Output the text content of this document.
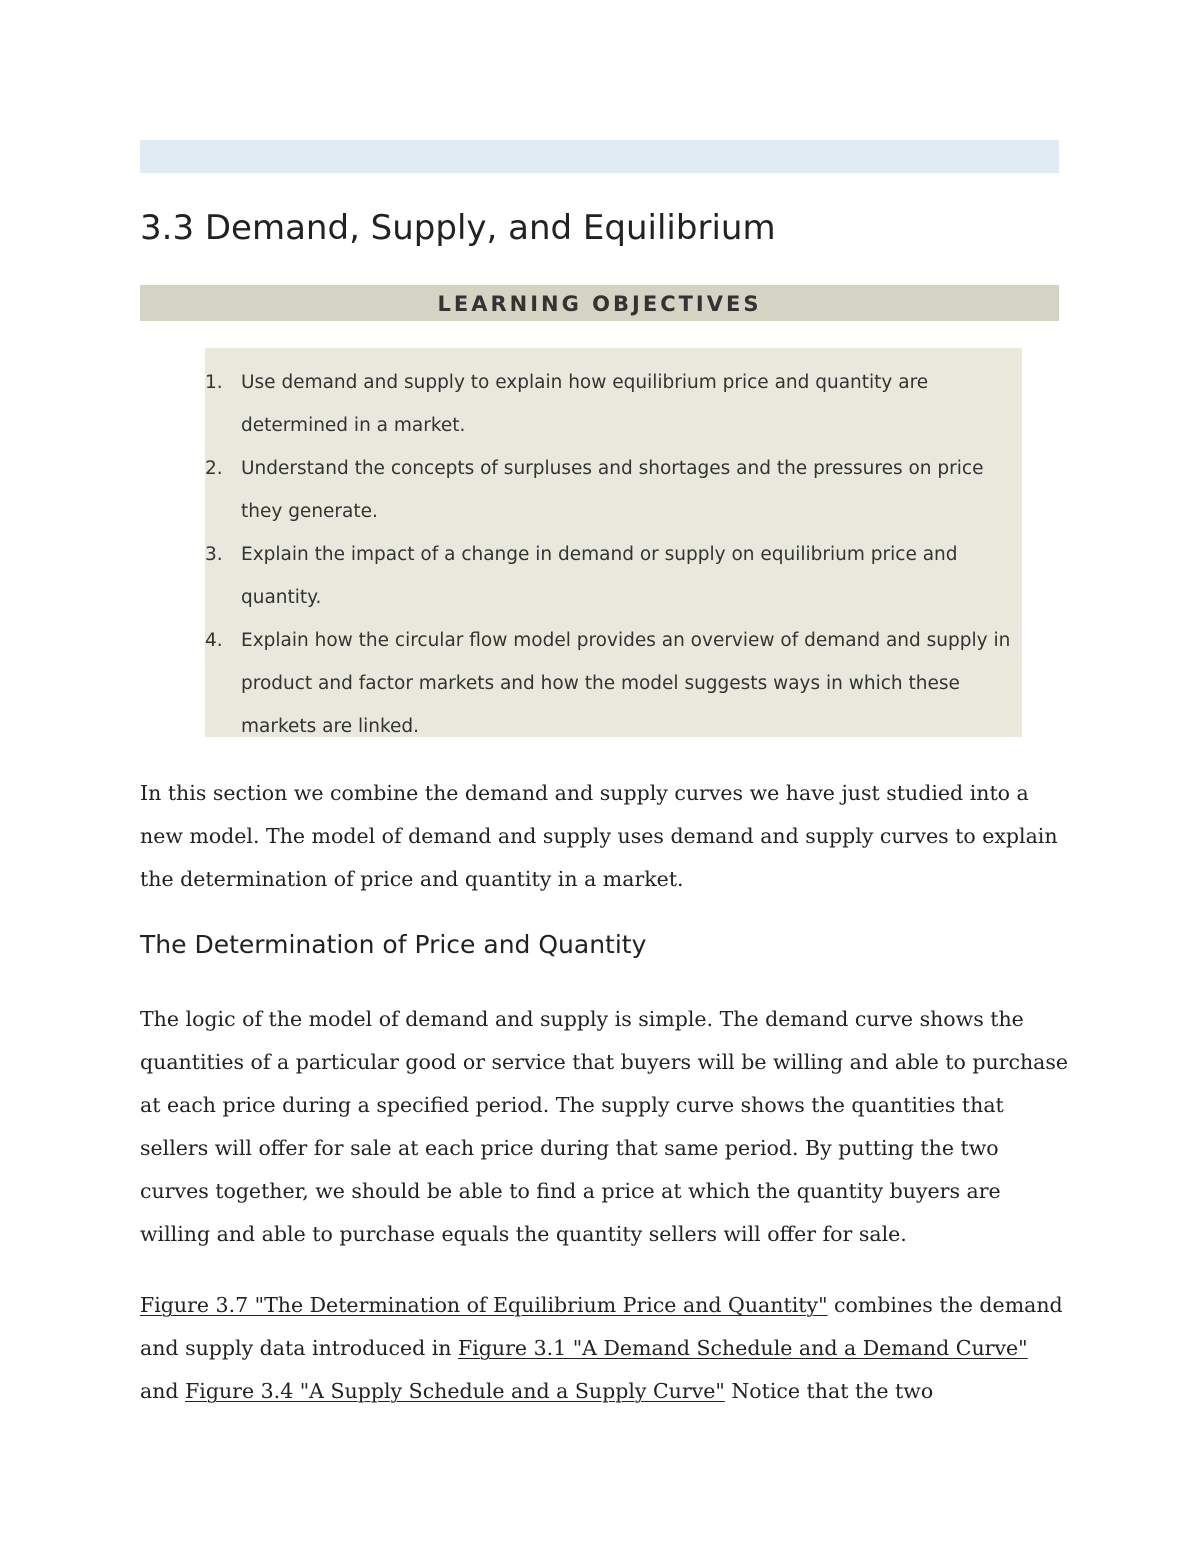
3.3 Demand, Supply, and Equilibrium
LEARNING OBJECTIVES
1. Use demand and supply to explain how equilibrium price and quantity are determined in a market.
2. Understand the concepts of surpluses and shortages and the pressures on price they generate.
3. Explain the impact of a change in demand or supply on equilibrium price and quantity.
4. Explain how the circular flow model provides an overview of demand and supply in product and factor markets and how the model suggests ways in which these markets are linked.

In this section we combine the demand and supply curves we have just studied into a new model. The model of demand and supply uses demand and supply curves to explain the determination of price and quantity in a market.

The Determination of Price and Quantity

The logic of the model of demand and supply is simple. The demand curve shows the quantities of a particular good or service that buyers will be willing and able to purchase at each price during a specified period. The supply curve shows the quantities that sellers will offer for sale at each price during that same period. By putting the two curves together, we should be able to find a price at which the quantity buyers are willing and able to purchase equals the quantity sellers will offer for sale.

Figure 3.7 "The Determination of Equilibrium Price and Quantity" combines the demand and supply data introduced in Figure 3.1 "A Demand Schedule and a Demand Curve" and Figure 3.4 "A Supply Schedule and a Supply Curve" Notice that the two
